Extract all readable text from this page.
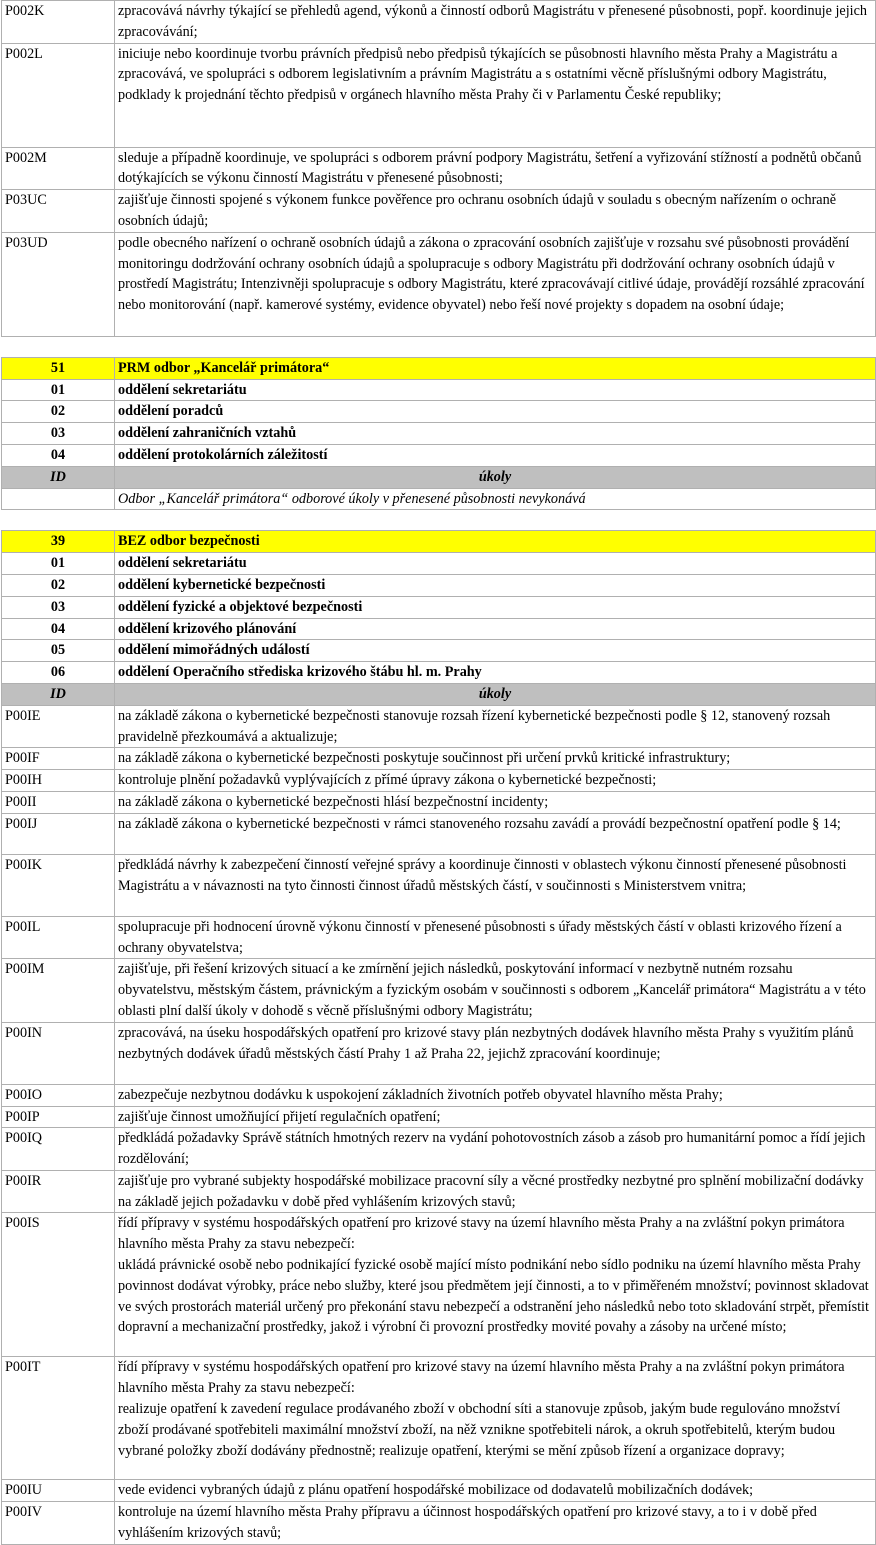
P002K	zpracovává návrhy týkající se přehledů agend, výkonů a činností odborů Magistrátu v přenesené působnosti, popř. koordinuje jejich zpracovávání;
P002L	iniciuje nebo koordinuje tvorbu právních předpisů nebo předpisů týkajících se působnosti hlavního města Prahy a Magistrátu a zpracovává, ve spolupráci s odborem legislativním a právním Magistrátu a s ostatními věcně příslušnými odbory Magistrátu, podklady k projednání těchto předpisů v orgánech hlavního města Prahy či v Parlamentu České republiky;
P002M	sleduje a případně koordinuje, ve spolupráci s odborem právní podpory Magistrátu, šetření a vyřizování stížností a podnětů občanů dotýkajících se výkonu činností Magistrátu v přenesené působnosti;
P03UC	zajišťuje činnosti spojené s výkonem funkce pověřence pro ochranu osobních údajů v souladu s obecným nařízením o ochraně osobních údajů;
P03UD	podle obecného nařízení o ochraně osobních údajů a zákona o zpracování osobních zajišťuje v rozsahu své působnosti provádění monitoringu dodržování ochrany osobních údajů a spolupracuje s odbory Magistrátu při dodržování ochrany osobních údajů v prostředí Magistrátu; Intenzivněji spolupracuje s odbory Magistrátu, které zpracovávají citlivé údaje, provádějí rozsáhlé zpracování nebo monitorování (např. kamerové systémy, evidence obyvatel) nebo řeší nové projekty s dopadem na osobní údaje;
51	PRM odbor „Kancelář primátora“
01	oddělení sekretariátu
02	oddělení poradců
03	oddělení zahraničních vztahů
04	oddělení protokolárních záležitostí
ID	úkoly
	Odbor „Kancelář primátora“ odborové úkoly v přenesené působnosti nevykonává
39	BEZ odbor bezpečnosti
01	oddělení sekretariátu
02	oddělení kybernetické bezpečnosti
03	oddělení fyzické a objektové bezpečnosti
04	oddělení krizového plánování
05	oddělení mimořádných událostí
06	oddělení Operačního střediska krizového štábu hl. m. Prahy
ID	úkoly
P00IE	na základě zákona o kybernetické bezpečnosti stanovuje rozsah řízení kybernetické bezpečnosti podle § 12, stanovený rozsah pravidelně přezkoumává a aktualizuje;

P00IF	na základě zákona o kybernetické bezpečnosti poskytuje součinnost při určení prvků kritické infrastruktury;

P00IH	kontroluje plnění požadavků vyplývajících z přímé úpravy zákona o kybernetické bezpečnosti;

P00II	na základě zákona o kybernetické bezpečnosti hlásí bezpečnostní incidenty;

P00IJ	na základě zákona o kybernetické bezpečnosti v rámci stanoveného rozsahu zavádí a provádí bezpečnostní opatření podle § 14;

P00IK	předkládá návrhy k zabezpečení činností veřejné správy a koordinuje činnosti v oblastech výkonu činností přenesené působnosti Magistrátu a v návaznosti na tyto činnosti činnost úřadů městských částí, v součinnosti s Ministerstvem vnitra;

P00IL	spolupracuje při hodnocení úrovně výkonu činností v přenesené působnosti s úřady městských částí v oblasti krizového řízení a ochrany obyvatelstva;

P00IM	zajišťuje, při řešení krizových situací a ke zmírnění jejich následků, poskytování informací v nezbytně nutném rozsahu obyvatelstvu, městským částem, právnickým a fyzickým osobám v součinnosti s odborem „Kancelář primátora“ Magistrátu a v této oblasti plní další úkoly v dohodě s věcně příslušnými odbory Magistrátu;

P00IN	zpracovává, na úseku hospodářských opatření pro krizové stavy plán nezbytných dodávek hlavního města Prahy s využitím plánů nezbytných dodávek úřadů městských částí Prahy 1 až Praha 22, jejichž zpracování koordinuje;

P00IO	zabezpečuje nezbytnou dodávku k uspokojení základních životních potřeb obyvatel hlavního města Prahy;

P00IP	zajišťuje činnost umožňující přijetí regulačních opatření;

P00IQ	předkládá požadavky Správě státních hmotných rezerv na vydání pohotovostních zásob a zásob pro humanitární pomoc a řídí jejich rozdělování;

P00IR	zajišťuje pro vybrané subjekty hospodářské mobilizace pracovní síly a věcné prostředky nezbytné pro splnění mobilizační dodávky na základě jejich požadavku v době před vyhlášením krizových stavů;

P00IS	řídí přípravy v systému hospodářských opatření pro krizové stavy na území hlavního města Prahy a na zvláštní pokyn primátora hlavního města Prahy za stavu nebezpečí:

ukládá právnické osobě nebo podnikající fyzické osobě mající místo podnikání nebo sídlo podniku na území hlavního města Prahy povinnost dodávat výrobky, práce nebo služby, které jsou předmětem její činnosti, a to v přiměřeném množství; povinnost skladovat ve svých prostorách materiál určený pro překonání stavu nebezpečí a odstranění jeho následků nebo toto skladování strpět, přemístit dopravní a mechanizační prostředky, jakož i výrobní či provozní prostředky movité povahy a zásoby na určené místo;

P00IT	řídí přípravy v systému hospodářských opatření pro krizové stavy na území hlavního města Prahy a na zvláštní pokyn primátora hlavního města Prahy za stavu nebezpečí:

realizuje opatření k zavedení regulace prodávaného zboží v obchodní síti a stanovuje způsob, jakým bude regulováno množství zboží prodávané spotřebiteli maximální množství zboží, na něž vznikne spotřebiteli nárok, a okruh spotřebitelů, kterým budou vybrané položky zboží dodávány přednostně; realizuje opatření, kterými se mění způsob řízení a organizace dopravy;

P00IU	vede evidenci vybraných údajů z plánu opatření hospodářské mobilizace od dodavatelů mobilizačních dodávek;

P00IV	kontroluje na území hlavního města Prahy přípravu a účinnost hospodářských opatření pro krizové stavy, a to i v době před vyhlášením krizových stavů;
